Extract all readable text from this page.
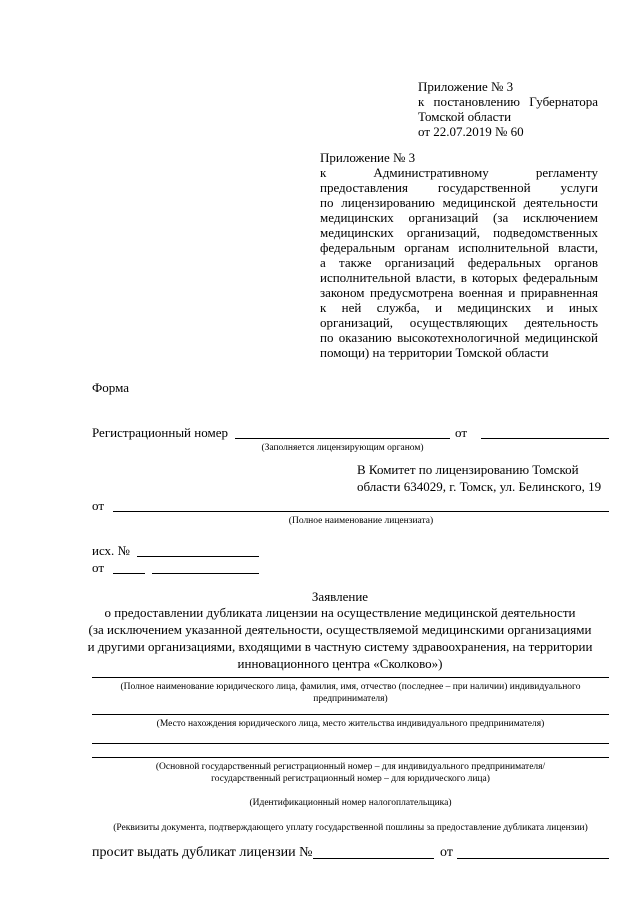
Приложение № 3

к постановлению Губернатора

Томской области

от 22.07.2019 № 60

Приложение № 3

к Административному регламенту

предоставления государственной услуги

по лицензированию медицинской деятельности

медицинских организаций (за исключением

медицинских организаций, подведомственных

федеральным органам исполнительной власти,

а также организаций федеральных органов

исполнительной власти, в которых федеральным

законом предусмотрена военная и приравненная

к ней служба, и медицинских и иных

организаций, осуществляющих деятельность

по оказанию высокотехнологичной медицинской

помощи) на территории Томской области

Форма
Регистрационный номер	от
(Заполняется лицензирующим органом)
В Комитет по лицензированию Томской
области 634029, г. Томск, ул. Белинского, 19
от
(Полное наименование лицензиата)
исх. №
от
Заявление
о предоставлении дубликата лицензии на осуществление медицинской деятельности
(за исключением указанной деятельности, осуществляемой медицинскими организациями
и другими организациями, входящими в частную систему здравоохранения, на территории
инновационного центра «Сколково»)
(Полное наименование юридического лица, фамилия, имя, отчество (последнее – при наличии) индивидуального
предпринимателя)
(Место нахождения юридического лица, место жительства индивидуального предпринимателя)
(Основной государственный регистрационный номер – для индивидуального предпринимателя/
государственный регистрационный номер – для юридического лица)
(Идентификационный номер налогоплательщика)
(Реквизиты документа, подтверждающего уплату государственной пошлины за предоставление дубликата лицензии)
просит выдать дубликат лицензии №	от
